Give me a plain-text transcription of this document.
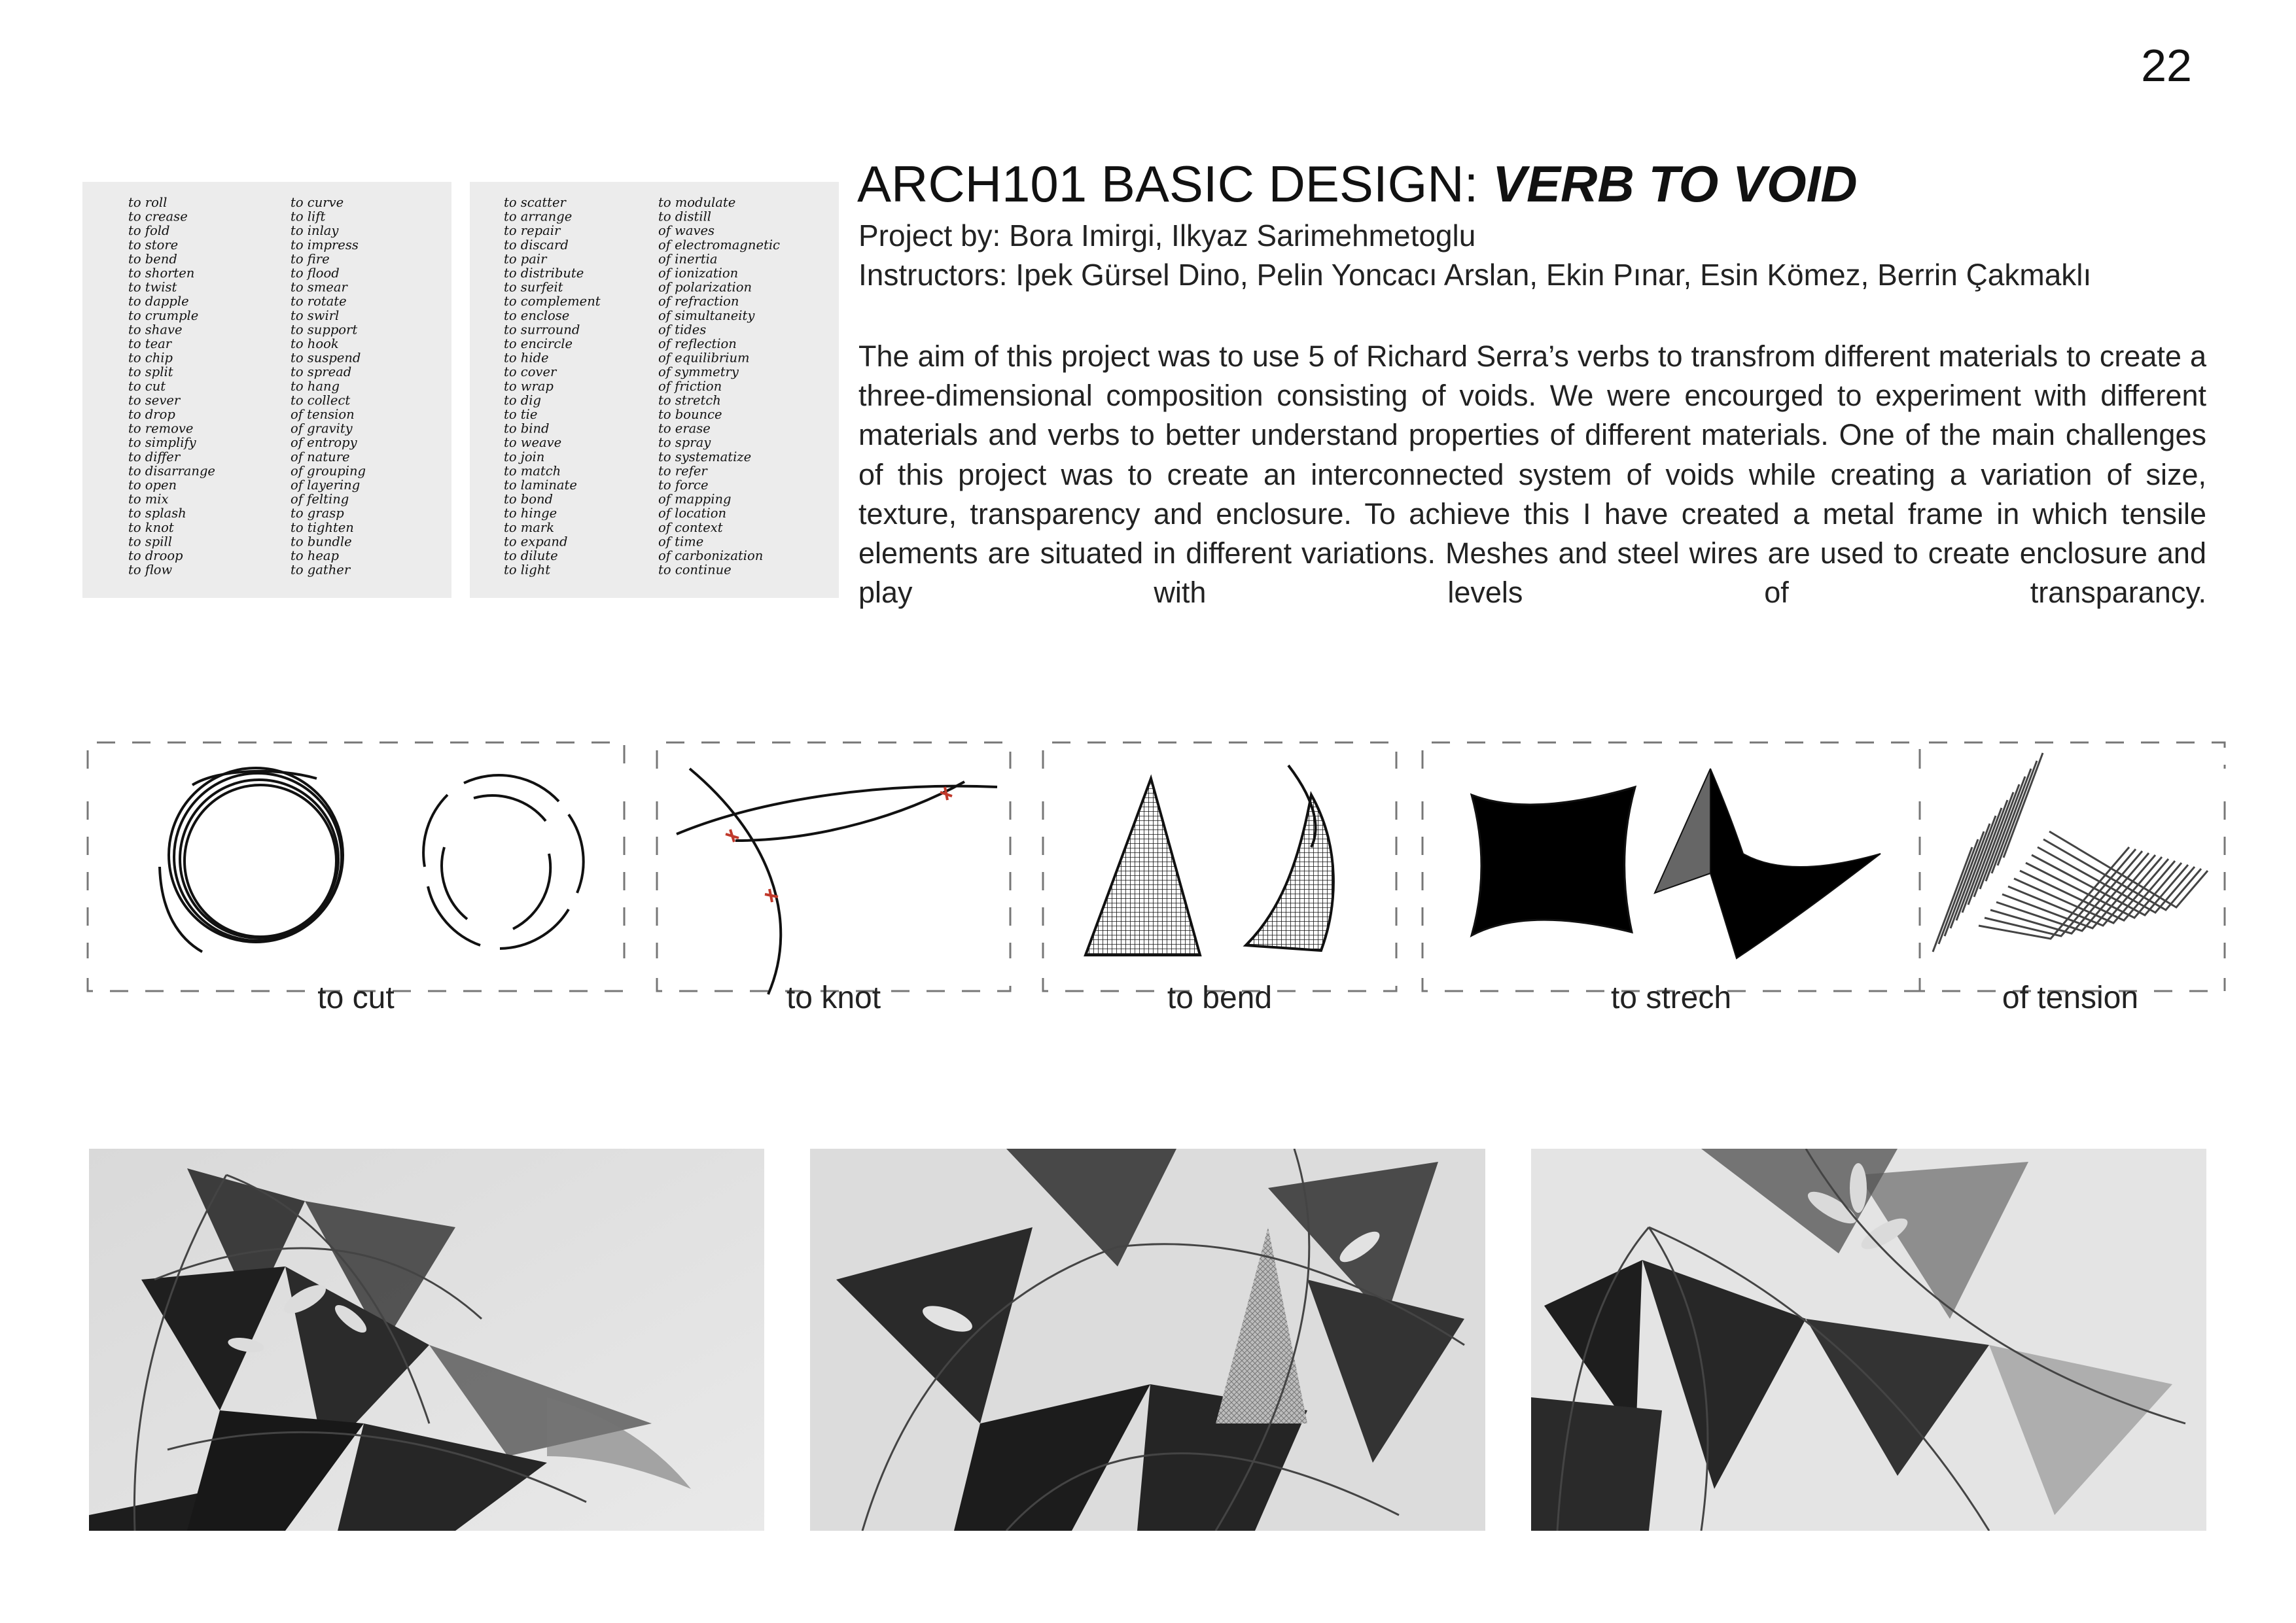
22
to roll
to crease
to fold
to store
to bend
to shorten
to twist
to dapple
to crumple
to shave
to tear
to chip
to split
to cut
to sever
to drop
to remove
to simplify
to differ
to disarrange
to open
to mix
to splash
to knot
to spill
to droop
to flow
to curve
to lift
to inlay
to impress
to fire
to flood
to smear
to rotate
to swirl
to support
to hook
to suspend
to spread
to hang
to collect
of tension
of gravity
of entropy
of nature
of grouping
of layering
of felting
to grasp
to tighten
to bundle
to heap
to gather
to scatter
to arrange
to repair
to discard
to pair
to distribute
to surfeit
to complement
to enclose
to surround
to encircle
to hide
to cover
to wrap
to dig
to tie
to bind
to weave
to join
to match
to laminate
to bond
to hinge
to mark
to expand
to dilute
to light
to modulate
to distill
of waves
of electromagnetic
of inertia
of ionization
of polarization
of refraction
of simultaneity
of tides
of reflection
of equilibrium
of symmetry
of friction
to stretch
to bounce
to erase
to spray
to systematize
to refer
to force
of mapping
of location
of context
of time
of carbonization
to continue
ARCH101 BASIC DESIGN: VERB TO VOID
Project by: Bora Imirgi, Ilkyaz Sarimehmetoglu
Instructors: Ipek Gürsel Dino, Pelin Yoncacı Arslan, Ekin Pınar, Esin Kömez, Berrin Çakmaklı
The aim of this project was to use 5 of Richard Serra’s verbs to transfrom different materials to create a three-dimensional composition consisting of voids. We were encourged to experiment with different materials and verbs to better understand properties of different materials. One of the main challenges of this project was to create an interconnected system of voids while creating a variation of size, texture, transparency and enclosure. To achieve this I have created a metal frame in which tensile elements are situated in different variations. Meshes and steel wires are used to create enclosure and play with levels of transparancy.
to cut	to knot	to bend	to strech	of tension
